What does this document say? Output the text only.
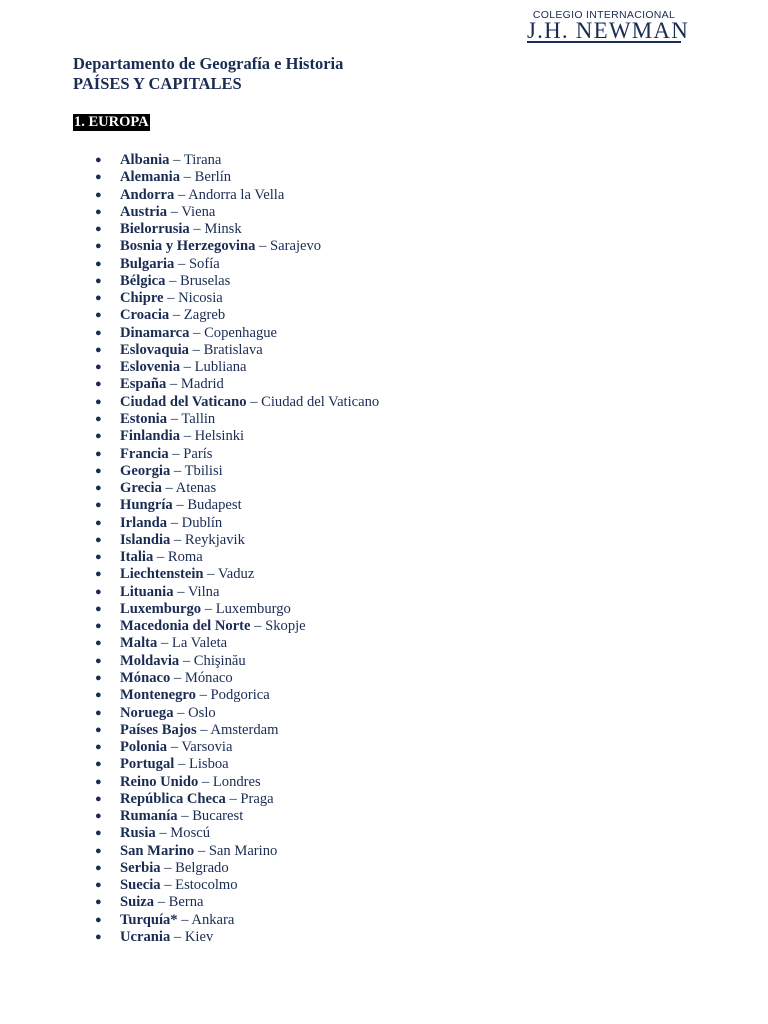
COLEGIO INTERNACIONAL
J.H. NEWMAN
Departamento de Geografía e Historia
PAÍSES Y CAPITALES
1. EUROPA
● Albania – Tirana
● Alemania – Berlín
● Andorra – Andorra la Vella
● Austria – Viena
● Bielorrusia – Minsk
● Bosnia y Herzegovina – Sarajevo
● Bulgaria – Sofía
● Bélgica – Bruselas
● Chipre – Nicosia
● Croacia – Zagreb
● Dinamarca – Copenhague
● Eslovaquia – Bratislava
● Eslovenia – Lubliana
● España – Madrid
● Ciudad del Vaticano – Ciudad del Vaticano
● Estonia – Tallin
● Finlandia – Helsinki
● Francia – París
● Georgia – Tbilisi
● Grecia – Atenas
● Hungría – Budapest
● Irlanda – Dublín
● Islandia – Reykjavik
● Italia – Roma
● Liechtenstein – Vaduz
● Lituania – Vilna
● Luxemburgo – Luxemburgo
● Macedonia del Norte – Skopje
● Malta – La Valeta
● Moldavia – Chişinău
● Mónaco – Mónaco
● Montenegro – Podgorica
● Noruega – Oslo
● Países Bajos – Amsterdam
● Polonia – Varsovia
● Portugal – Lisboa
● Reino Unido – Londres
● República Checa – Praga
● Rumanía – Bucarest
● Rusia – Moscú
● San Marino – San Marino
● Serbia – Belgrado
● Suecia – Estocolmo
● Suiza – Berna
● Turquía* – Ankara
● Ucrania – Kiev
